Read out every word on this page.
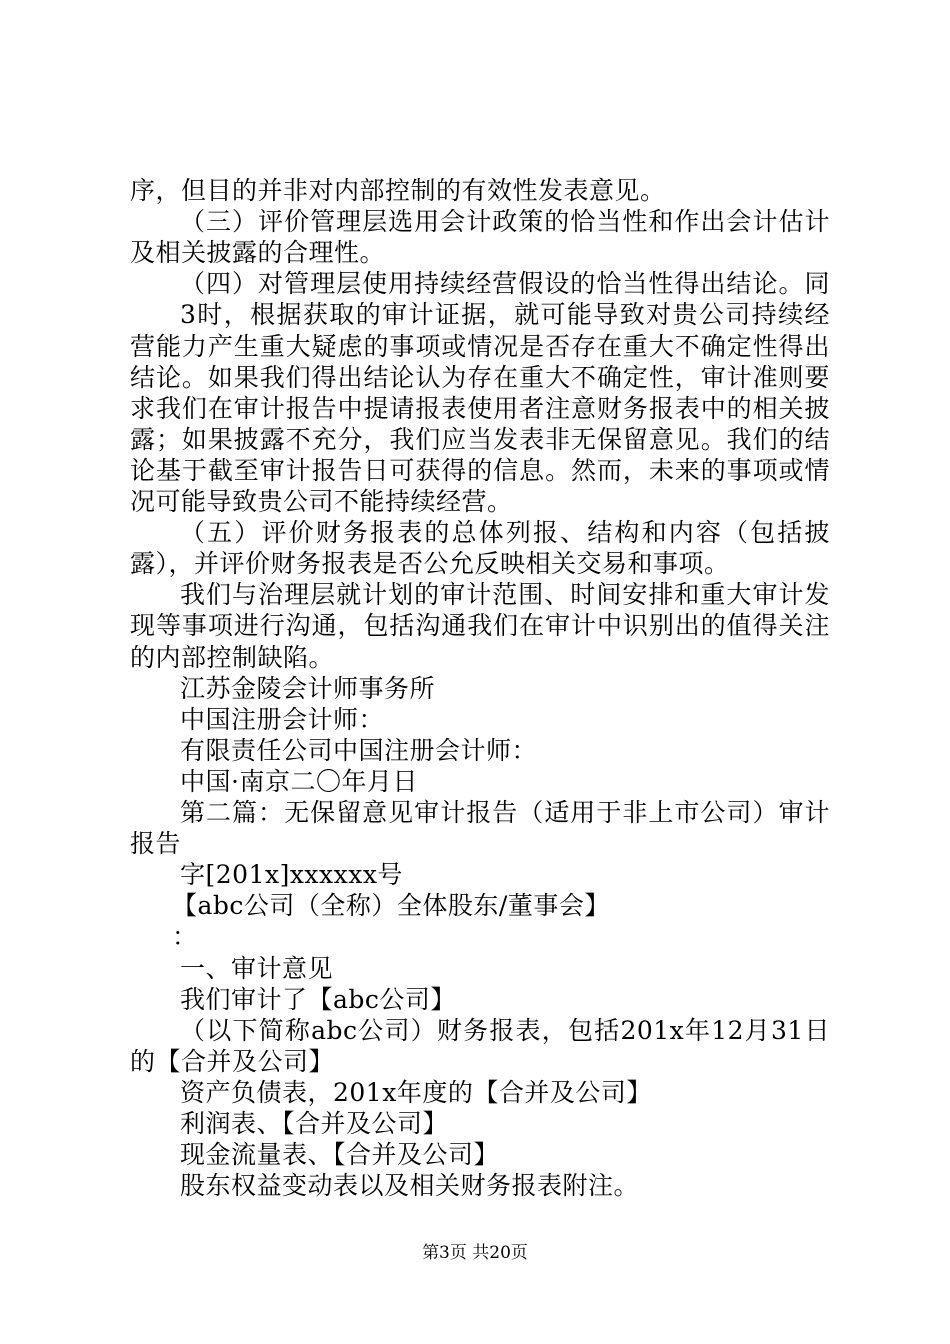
序，但目的并非对内部控制的有效性发表意见。
（三）评价管理层选用会计政策的恰当性和作出会计估计
及相关披露的合理性。
（四）对管理层使用持续经营假设的恰当性得出结论。同
3时，根据获取的审计证据，就可能导致对贵公司持续经
营能力产生重大疑虑的事项或情况是否存在重大不确定性得出
结论。如果我们得出结论认为存在重大不确定性，审计准则要
求我们在审计报告中提请报表使用者注意财务报表中的相关披
露；如果披露不充分，我们应当发表非无保留意见。我们的结
论基于截至审计报告日可获得的信息。然而，未来的事项或情
况可能导致贵公司不能持续经营。
（五）评价财务报表的总体列报、结构和内容（包括披
露），并评价财务报表是否公允反映相关交易和事项。
我们与治理层就计划的审计范围、时间安排和重大审计发
现等事项进行沟通，包括沟通我们在审计中识别出的值得关注
的内部控制缺陷。
江苏金陵会计师事务所
中国注册会计师：
有限责任公司中国注册会计师：
中国·南京二〇年月日
第二篇：无保留意见审计报告（适用于非上市公司）审计
报告
字[201x]xxxxxx号
【abc公司（全称）全体股东/董事会】
：
一、审计意见
我们审计了【abc公司】
（以下简称abc公司）财务报表，包括201x年12月31日
的【合并及公司】
资产负债表，201x年度的【合并及公司】
利润表、【合并及公司】
现金流量表、【合并及公司】
股东权益变动表以及相关财务报表附注。
第3页 共20页
